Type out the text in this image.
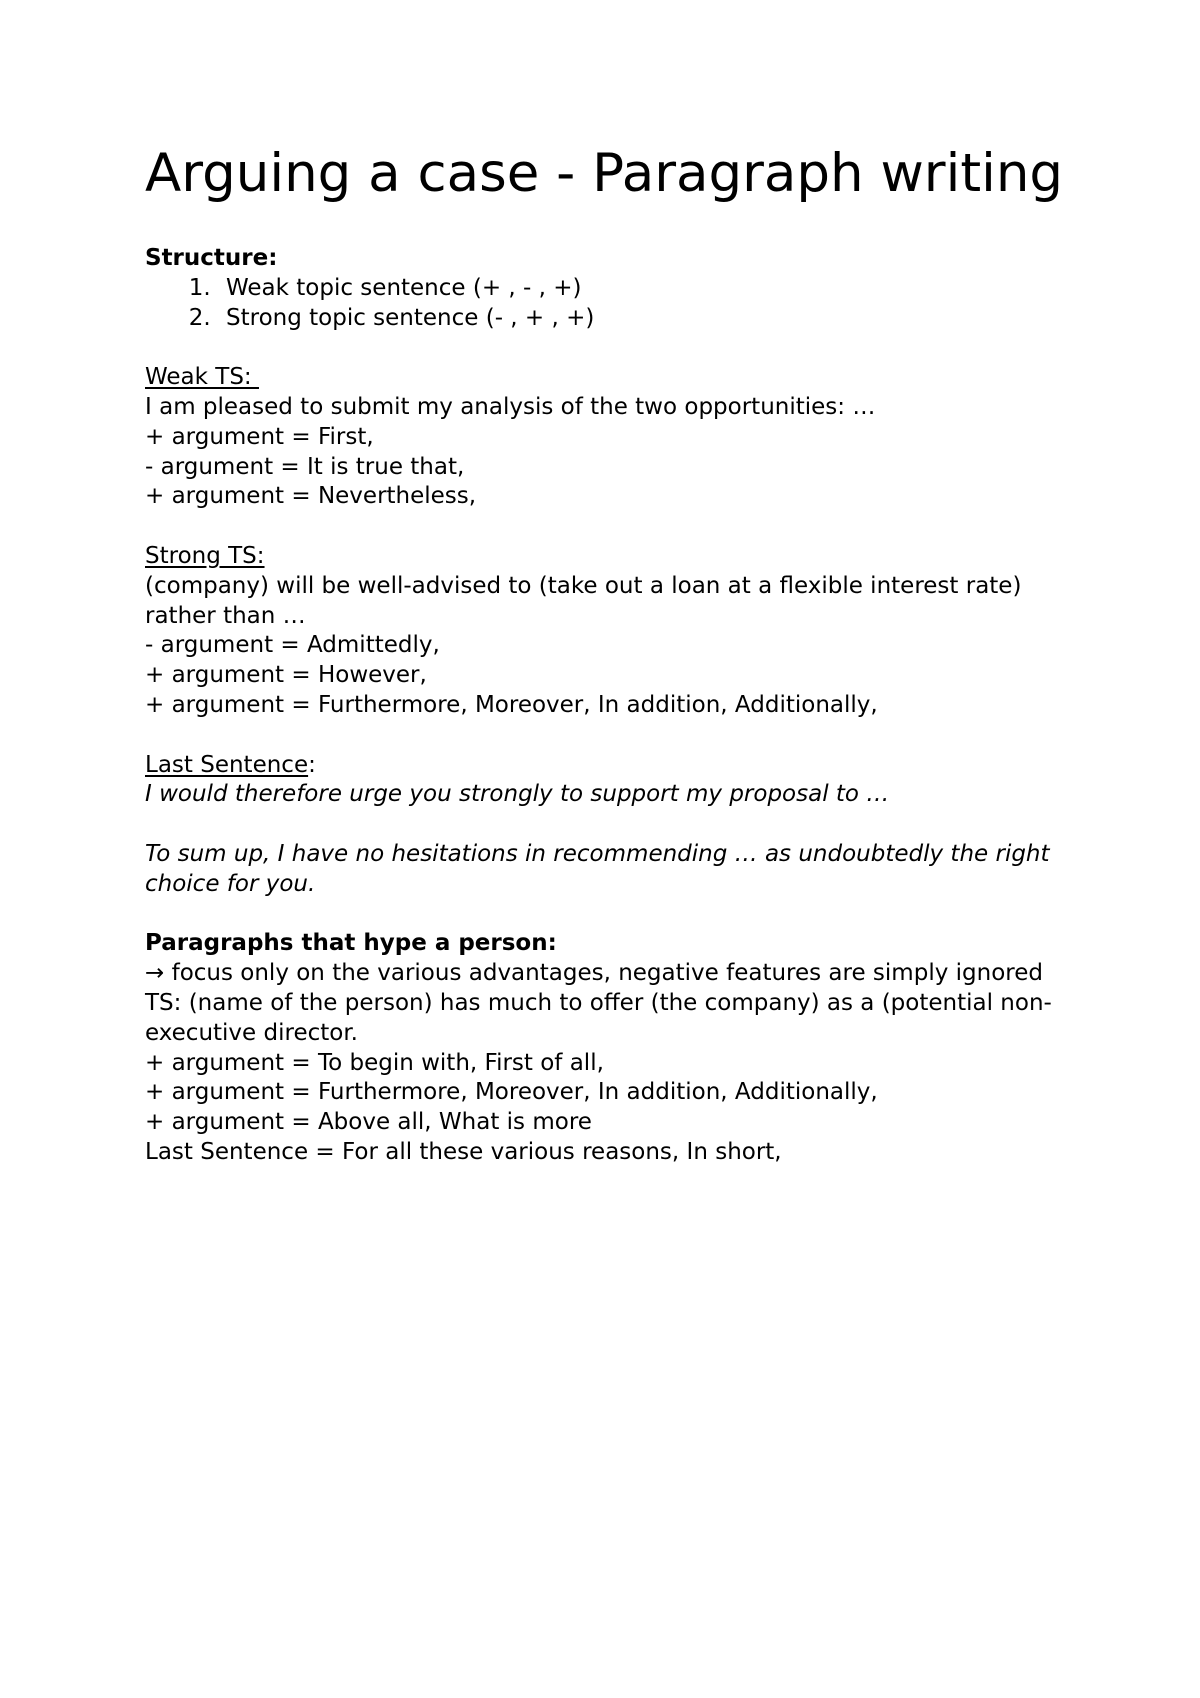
Arguing a case - Paragraph writing
Structure:
1. Weak topic sentence (+ , - , +)
2. Strong topic sentence (- , + , +)
Weak TS:
I am pleased to submit my analysis of the two opportunities: …
+ argument = First,
- argument = It is true that,
+ argument = Nevertheless,
Strong TS:
(company) will be well-advised to (take out a loan at a flexible interest rate) rather than …
- argument = Admittedly,
+ argument = However,
+ argument = Furthermore, Moreover, In addition, Additionally,
Last Sentence:
I would therefore urge you strongly to support my proposal to …
To sum up, I have no hesitations in recommending … as undoubtedly the right choice for you.
Paragraphs that hype a person:
→ focus only on the various advantages, negative features are simply ignored
TS: (name of the person) has much to offer (the company) as a (potential non-executive director.
+ argument = To begin with, First of all,
+ argument = Furthermore, Moreover, In addition, Additionally,
+ argument = Above all, What is more
Last Sentence = For all these various reasons, In short,
